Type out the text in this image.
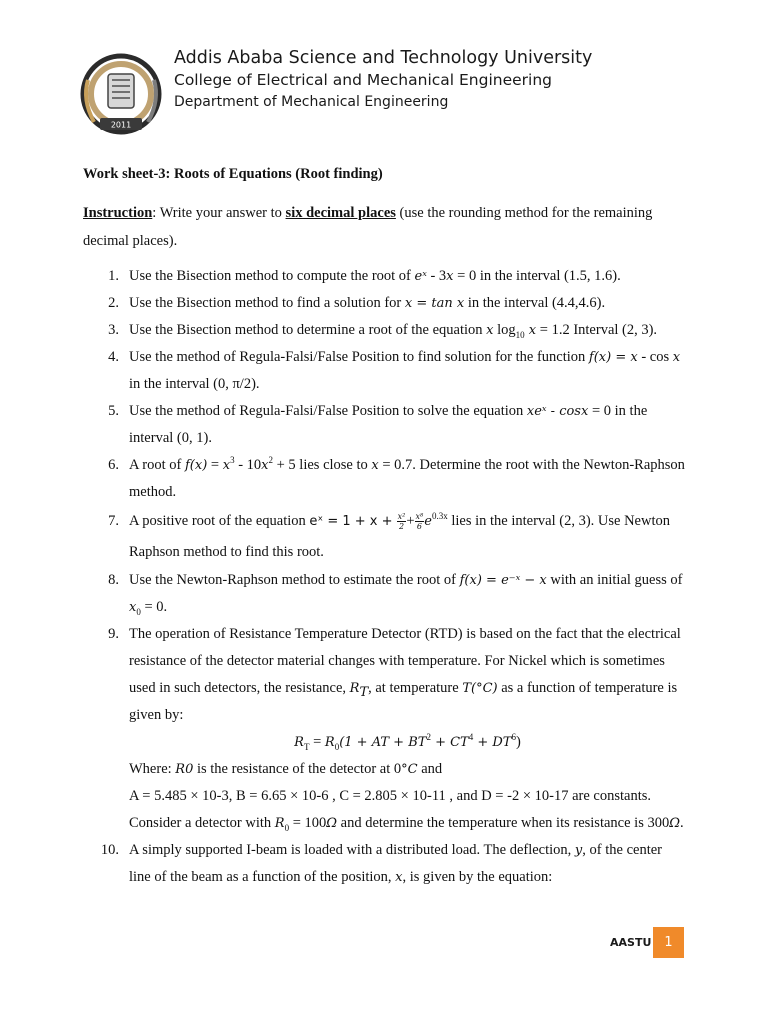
2011
Addis Ababa Science and Technology University
College of Electrical and Mechanical Engineering
Department of Mechanical Engineering
Work sheet-3: Roots of Equations (Root finding)
Instruction: Write your answer to six decimal places (use the rounding method for the remaining decimal places).
1. Use the Bisection method to compute the root of eˣ - 3x = 0 in the interval (1.5, 1.6).
2. Use the Bisection method to find a solution for x = tan x in the interval (4.4,4.6).
3. Use the Bisection method to determine a root of the equation x $\log_{10} x = 1.2$ Interval (2, 3).
4. Use the method of Regula-Falsi/False Position to find solution for the function f(x) = x - cos x in the interval (0, π/2).
5. Use the method of Regula-Falsi/False Position to solve the equation xeˣ - cosx = 0 in the interval (0, 1).
6. A root of $f(x) = x^3 - 10x^2 + 5$ lies close to x = 0.7. Determine the root with the Newton-Raphson method.
7. A positive root of the equation eˣ = $1 + x + \frac{\text{x²}}{2} + \frac{\text{x⁸}}{6} e^{0.3x}$ lies in the interval (2, 3). Use Newton Raphson method to find this root.
8. Use the Newton-Raphson method to estimate the root of f(x) = e⁻ˣ − x with an initial guess of $x_0 = 0$.
9. The operation of Resistance Temperature Detector (RTD) is based on the fact that the electrical resistance of the detector material changes with temperature. For Nickel which is sometimes used in such detectors, the resistance, $R_T$, at temperature T(°C) as a function of temperature is given by:
$R_T = R_0(1$ + AT + $BT^2 + CT^4 + DT^6$)
Where: R0 is the resistance of the detector at 0°C and
A = 5.485 × 10-3, B = 6.65 × 10-6 , C = 2.805 × 10-11 , and D = -2 × 10-17 are constants.
Consider a detector with $R_0 = 100\Omega$ and determine the temperature when its resistance is 300Ω.
10. A simply supported I-beam is loaded with a distributed load. The deflection, y, of the center line of the beam as a function of the position, x, is given by the equation:
AASTU 1
